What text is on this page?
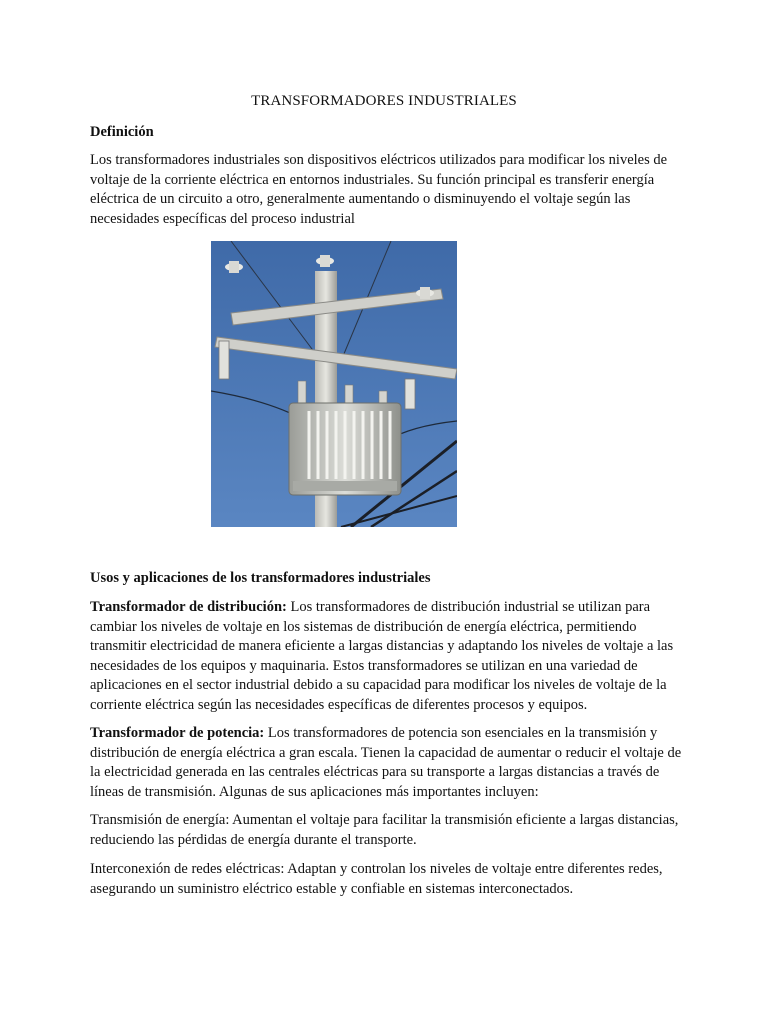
TRANSFORMADORES INDUSTRIALES
Definición
Los transformadores industriales son dispositivos eléctricos utilizados para modificar los niveles de voltaje de la corriente eléctrica en entornos industriales. Su función principal es transferir energía eléctrica de un circuito a otro, generalmente aumentando o disminuyendo el voltaje según las necesidades específicas del proceso industrial
Usos y aplicaciones de los transformadores industriales
Transformador de distribución: Los transformadores de distribución industrial se utilizan para cambiar los niveles de voltaje en los sistemas de distribución de energía eléctrica, permitiendo transmitir electricidad de manera eficiente a largas distancias y adaptando los niveles de voltaje a las necesidades de los equipos y maquinaria. Estos transformadores se utilizan en una variedad de aplicaciones en el sector industrial debido a su capacidad para modificar los niveles de voltaje de la corriente eléctrica según las necesidades específicas de diferentes procesos y equipos.
Transformador de potencia: Los transformadores de potencia son esenciales en la transmisión y distribución de energía eléctrica a gran escala. Tienen la capacidad de aumentar o reducir el voltaje de la electricidad generada en las centrales eléctricas para su transporte a largas distancias a través de líneas de transmisión. Algunas de sus aplicaciones más importantes incluyen:
Transmisión de energía: Aumentan el voltaje para facilitar la transmisión eficiente a largas distancias, reduciendo las pérdidas de energía durante el transporte.
Interconexión de redes eléctricas: Adaptan y controlan los niveles de voltaje entre diferentes redes, asegurando un suministro eléctrico estable y confiable en sistemas interconectados.
